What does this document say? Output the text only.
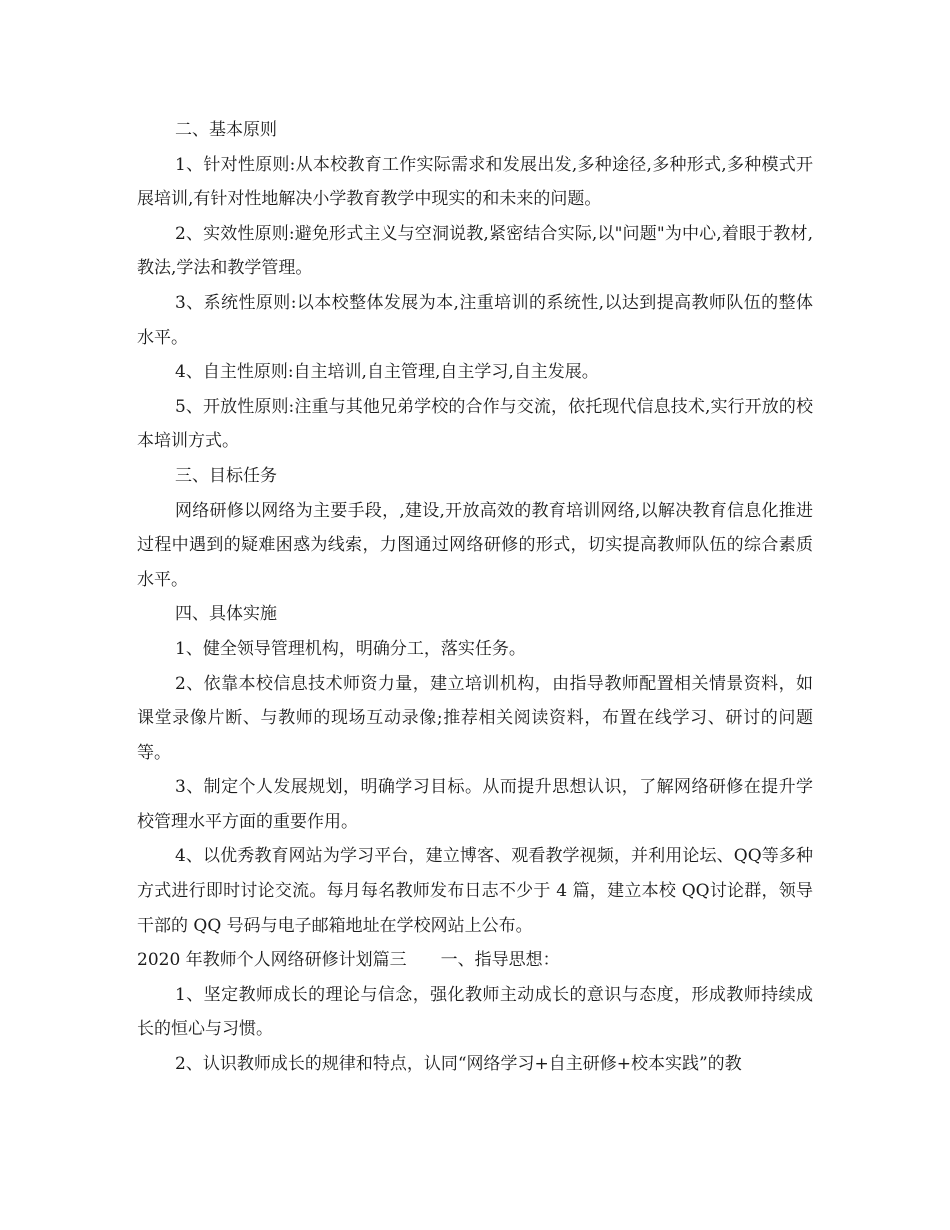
二、基本原则

1、针对性原则:从本校教育工作实际需求和发展出发,多种途径,多种形式,多种模式开展培训,有针对性地解决小学教育教学中现实的和未来的问题。

2、实效性原则:避免形式主义与空洞说教,紧密结合实际,以"问题"为中心,着眼于教材,教法,学法和教学管理。

3、系统性原则:以本校整体发展为本,注重培训的系统性,以达到提高教师队伍的整体水平。

4、自主性原则:自主培训,自主管理,自主学习,自主发展。

5、开放性原则:注重与其他兄弟学校的合作与交流，依托现代信息技术,实行开放的校本培训方式。

三、目标任务

网络研修以网络为主要手段，,建设,开放高效的教育培训网络,以解决教育信息化推进过程中遇到的疑难困惑为线索，力图通过网络研修的形式，切实提高教师队伍的综合素质水平。

四、具体实施

1、健全领导管理机构，明确分工，落实任务。

2、依靠本校信息技术师资力量，建立培训机构，由指导教师配置相关情景资料，如课堂录像片断、与教师的现场互动录像;推荐相关阅读资料，布置在线学习、研讨的问题等。

3、制定个人发展规划，明确学习目标。从而提升思想认识，了解网络研修在提升学校管理水平方面的重要作用。

4、以优秀教育网站为学习平台，建立博客、观看教学视频，并利用论坛、QQ等多种方式进行即时讨论交流。每月每名教师发布日志不少于 4 篇，建立本校 QQ讨论群，领导干部的 QQ 号码与电子邮箱地址在学校网站上公布。

2020 年教师个人网络研修计划篇三　　一、指导思想：

1、坚定教师成长的理论与信念，强化教师主动成长的意识与态度，形成教师持续成长的恒心与习惯。

2、认识教师成长的规律和特点，认同“网络学习+自主研修+校本实践”的教
